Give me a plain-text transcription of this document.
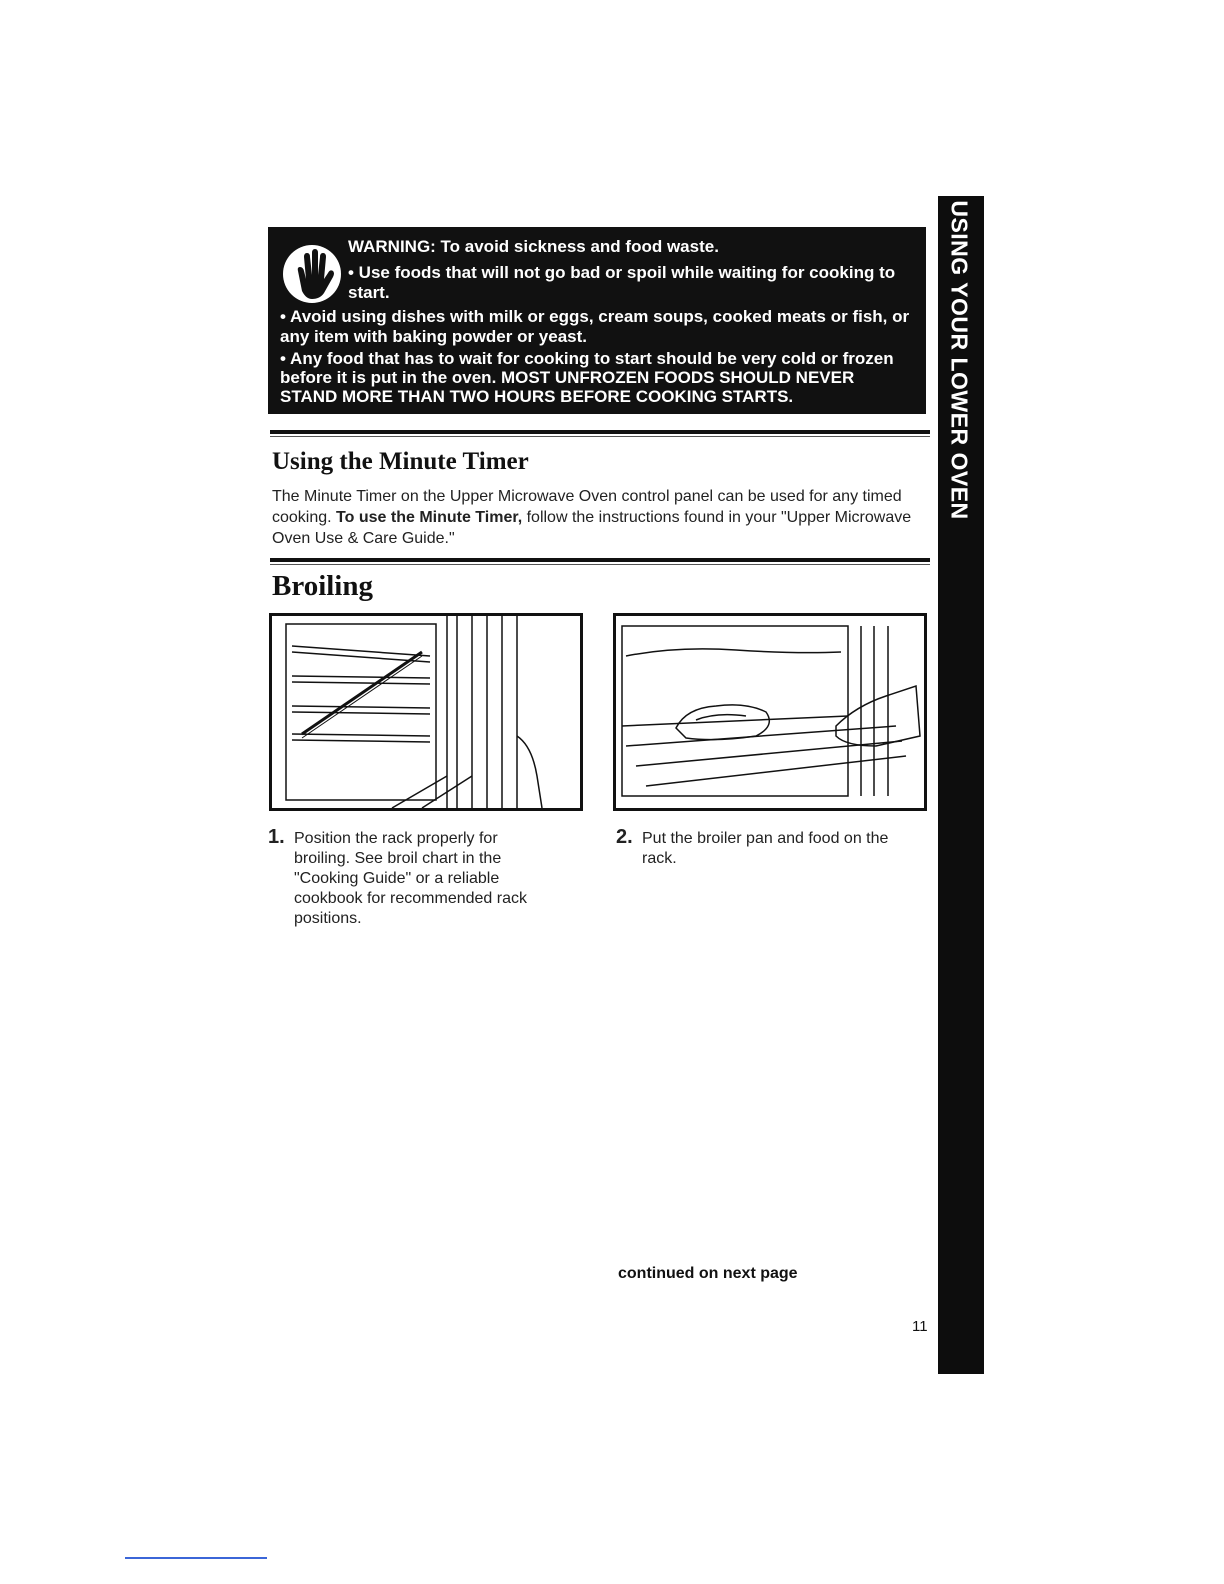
USING YOUR LOWER OVEN
WARNING: To avoid sickness and food waste.
• Use foods that will not go bad or spoil while waiting for cooking to start.
• Avoid using dishes with milk or eggs, cream soups, cooked meats or fish, or any item with baking powder or yeast.
• Any food that has to wait for cooking to start should be very cold or frozen before it is put in the oven. MOST UNFROZEN FOODS SHOULD NEVER STAND MORE THAN TWO HOURS BEFORE COOKING STARTS.
Using the Minute Timer
The Minute Timer on the Upper Microwave Oven control panel can be used for any timed cooking. To use the Minute Timer, follow the instructions found in your "Upper Microwave Oven Use & Care Guide."
Broiling
1. Position the rack properly for broiling. See broil chart in the "Cooking Guide" or a reliable cookbook for recommended rack positions.
2. Put the broiler pan and food on the rack.
continued on next page
11
